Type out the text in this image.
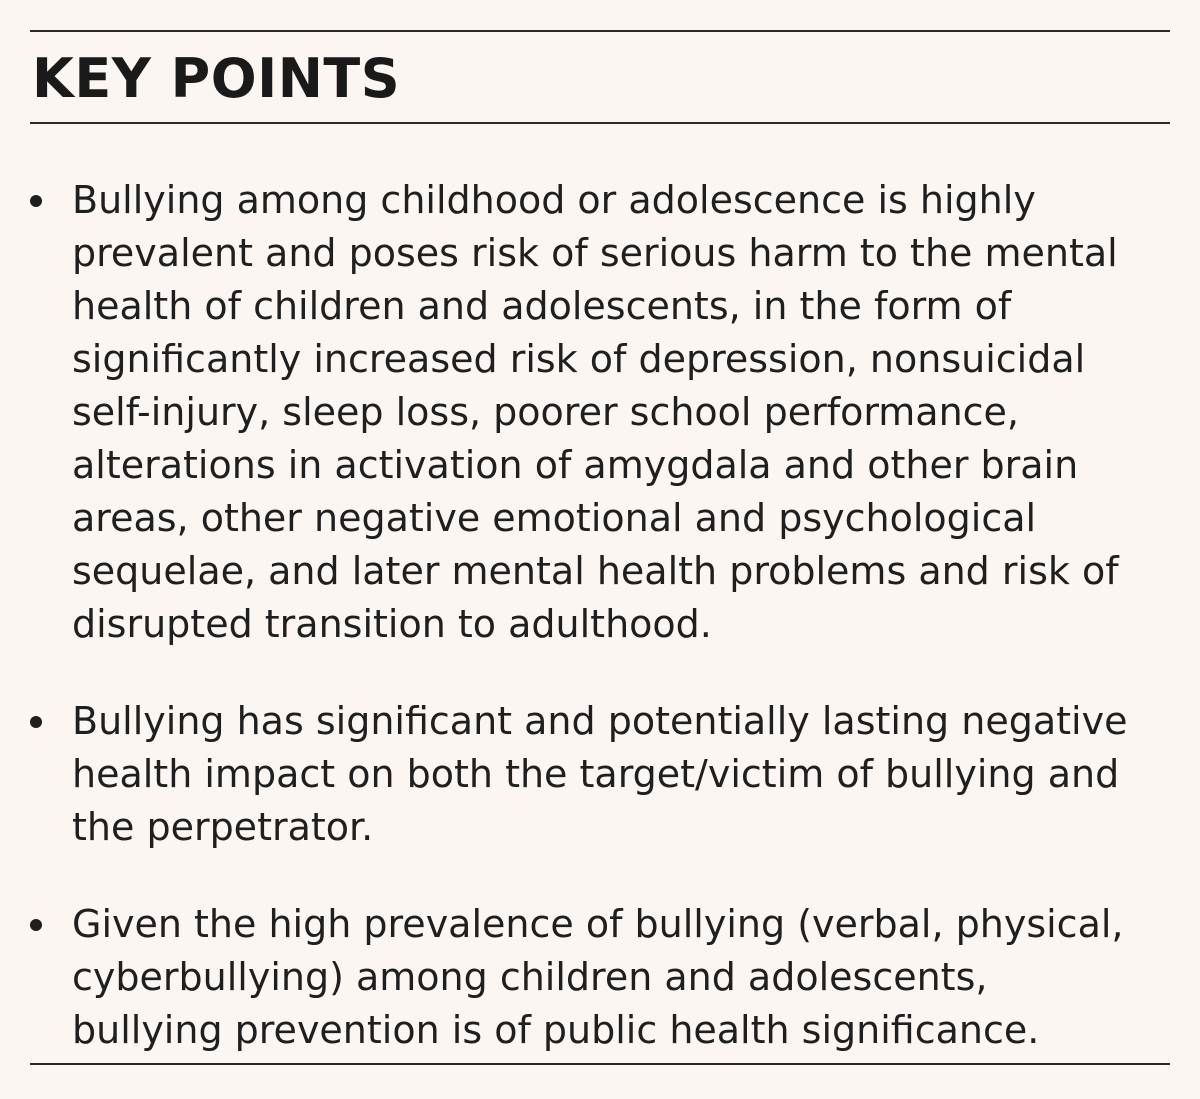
KEY POINTS
Bullying among childhood or adolescence is highly
prevalent and poses risk of serious harm to the mental
health of children and adolescents, in the form of
significantly increased risk of depression, nonsuicidal
self-injury, sleep loss, poorer school performance,
alterations in activation of amygdala and other brain
areas, other negative emotional and psychological
sequelae, and later mental health problems and risk of
disrupted transition to adulthood.
Bullying has significant and potentially lasting negative
health impact on both the target/victim of bullying and
the perpetrator.
Given the high prevalence of bullying (verbal, physical,
cyberbullying) among children and adolescents,
bullying prevention is of public health significance.
